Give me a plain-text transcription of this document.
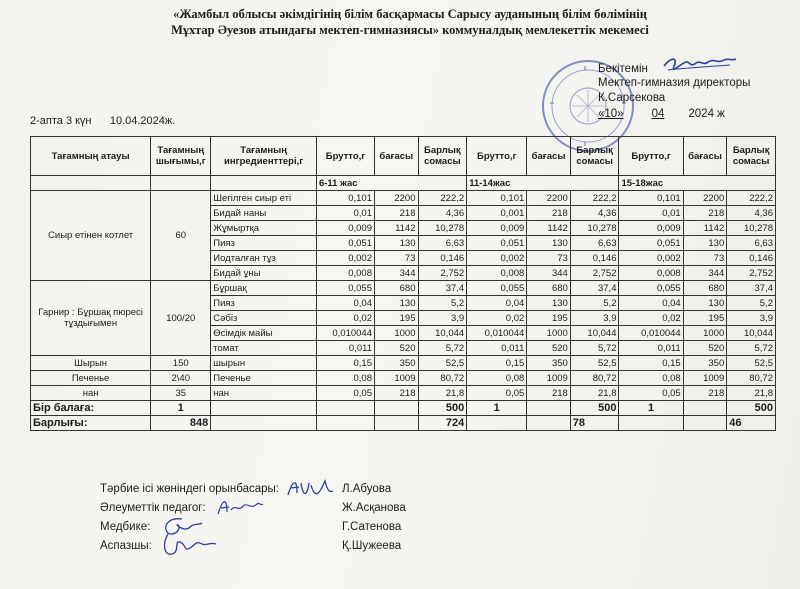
«Жамбыл облысы әкімдігінің білім басқармасы Сарысу ауданының білім бөлімінің
Мұхтар Әуезов атындағы мектеп-гимназиясы» коммуналдық мемлекеттік мекемесі
Бекітемін
Мектеп-гимназия директоры
К.Сарсекова
«10» 04 2024 ж
2-апта 3 күн      10.04.2024ж.
Тағамның атауы	Тағамның шығымы,г	Тағамның ингредиенттері,г	Брутто,г	бағасы	Барлық сомасы	Брутто,г	бағасы	Барлық сомасы	Брутто,г	бағасы	Барлық сомасы
			6-11 жас			11-14жас			15-18жас		
Сиыр етінен котлет	60	Шегілген сиыр еті	0,101	2200	222,2	0,101	2200	222,2	0,101	2200	222,2
		Бидай наны	0,01	218	4,36	0,001	218	4,36	0,01	218	4,36
		Жұмыртқа	0,009	1142	10,278	0,009	1142	10,278	0,009	1142	10,278
		Пияз	0,051	130	6,63	0,051	130	6,63	0,051	130	6,63
		Иодталған тұз	0,002	73	0,146	0,002	73	0,146	0,002	73	0,146
		Бидай ұны	0,008	344	2,752	0,008	344	2,752	0,008	344	2,752
Гарнир : Бұршақ пюресі тұздығымен	100/20	Бұршақ	0,055	680	37,4	0,055	680	37,4	0,055	680	37,4
		Пияз	0,04	130	5,2	0,04	130	5,2	0,04	130	5,2
		Сәбіз	0,02	195	3,9	0,02	195	3,9	0,02	195	3,9
		Өсімдік майы	0,010044	1000	10,044	0,010044	1000	10,044	0,010044	1000	10,044
		томат	0,011	520	5,72	0,011	520	5,72	0,011	520	5,72
Шырын	150	шырын	0,15	350	52,5	0,15	350	52,5	0,15	350	52,5
Печенье	2\40	Печенье	0,08	1009	80,72	0,08	1009	80,72	0,08	1009	80,72
нан	35	нан	0,05	218	21,8	0,05	218	21,8	0,05	218	21,8
Бір балаға:	1				500	1		500	1		500
Барлығы:	848				724			78			46
Тәрбие ісі жөніндегі орынбасары:	Л.Абуова
Әлеуметтік педагог:	Ж.Асқанова
Медбике:	Г.Сатенова
Аспазшы:	Қ.Шужеева
